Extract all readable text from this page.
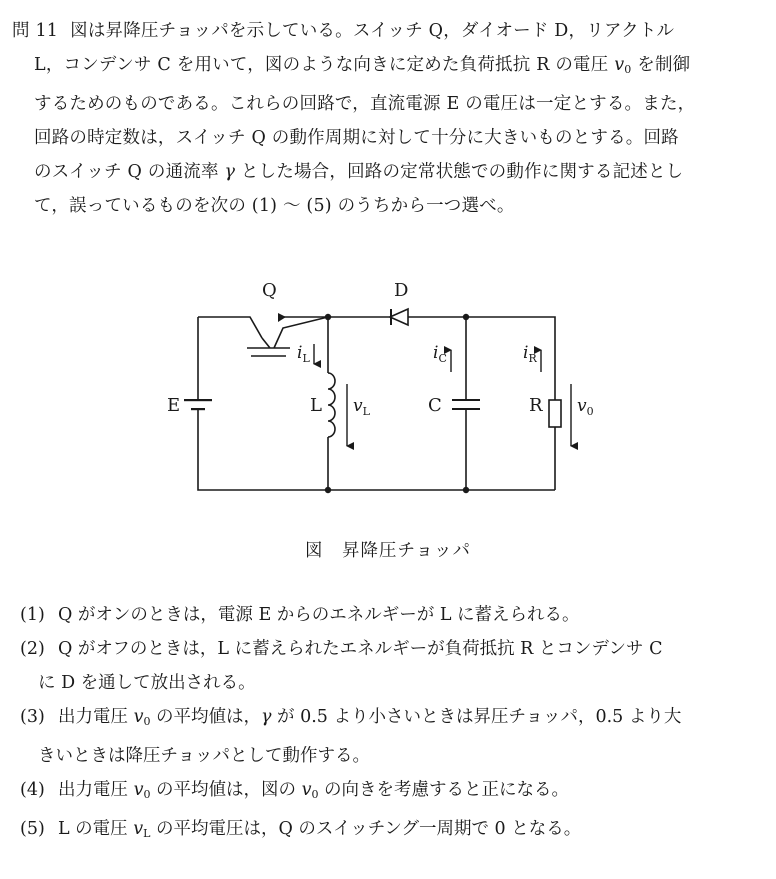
問 11 図は昇降圧チョッパを示している。スイッチ Q，ダイオード D，リアクトル
L，コンデンサ C を用いて，図のような向きに定めた負荷抵抗 R の電圧 $v_0$ を制御
するためのものである。これらの回路で，直流電源 E の電圧は一定とする。また，
回路の時定数は，スイッチ Q の動作周期に対して十分に大きいものとする。回路
のスイッチ Q の通流率 γ とした場合，回路の定常状態での動作に関する記述とし
て，誤っているものを次の (1) ～ (5) のうちから一つ選べ。
Q	D
E	L	C	R
$i_L$	$i_C$	$i_R$
$v_L$	$v_0$
図　昇降圧チョッパ
(1) Q がオンのときは，電源 E からのエネルギーが L に蓄えられる。
(2) Q がオフのときは，L に蓄えられたエネルギーが負荷抵抗 R とコンデンサ C
に D を通して放出される。
(3) 出力電圧 $v_0$ の平均値は，γ が 0.5 より小さいときは昇圧チョッパ，0.5 より大
きいときは降圧チョッパとして動作する。
(4) 出力電圧 $v_0$ の平均値は，図の $v_0$ の向きを考慮すると正になる。
(5) L の電圧 $v_L$ の平均電圧は，Q のスイッチング一周期で 0 となる。
